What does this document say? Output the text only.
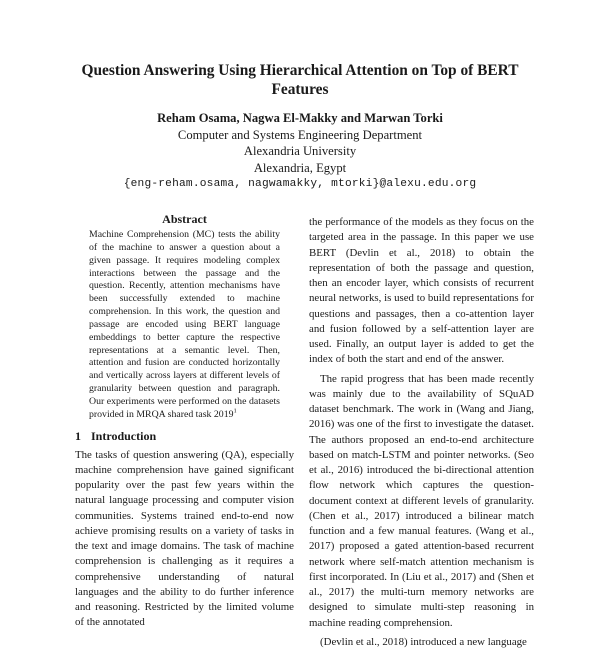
Question Answering Using Hierarchical Attention on Top of BERT Features
Reham Osama, Nagwa El-Makky and Marwan Torki
Computer and Systems Engineering Department
Alexandria University
Alexandria, Egypt
{eng-reham.osama, nagwamakky, mtorki}@alexu.edu.org
Abstract

Machine Comprehension (MC) tests the ability of the machine to answer a question about a given passage. It requires modeling complex interactions between the passage and the question. Recently, attention mechanisms have been successfully extended to machine comprehension. In this work, the question and passage are encoded using BERT language embeddings to better capture the respective representations at a semantic level. Then, attention and fusion are conducted horizontally and vertically across layers at different levels of granularity between question and paragraph. Our experiments were performed on the datasets provided in MRQA shared task 2019$^1$

1 Introduction

The tasks of question answering (QA), especially machine comprehension have gained significant popularity over the past few years within the natural language processing and computer vision communities. Systems trained end-to-end now achieve promising results on a variety of tasks in the text and image domains. The task of machine comprehension is challenging as it requires a comprehensive understanding of natural languages and the ability to do further inference and reasoning. Restricted by the limited volume of the annotated

the performance of the models as they focus on the targeted area in the passage. In this paper we use BERT (Devlin et al., 2018) to obtain the representation of both the passage and question, then an encoder layer, which consists of recurrent neural networks, is used to build representations for questions and passages, then a co-attention layer and fusion followed by a self-attention layer are used. Finally, an output layer is added to get the index of both the start and end of the answer.

The rapid progress that has been made recently was mainly due to the availability of SQuAD dataset benchmark. The work in (Wang and Jiang, 2016) was one of the first to investigate the dataset. The authors proposed an end-to-end architecture based on match-LSTM and pointer networks. (Seo et al., 2016) introduced the bi-directional attention flow network which captures the question-document context at different levels of granularity. (Chen et al., 2017) introduced a bilinear match function and a few manual features. (Wang et al., 2017) proposed a gated attention-based recurrent network where self-match attention mechanism is first incorporated. In (Liu et al., 2017) and (Shen et al., 2017) the multi-turn memory networks are designed to simulate multi-step reasoning in machine reading comprehension.

(Devlin et al., 2018) introduced a new language
